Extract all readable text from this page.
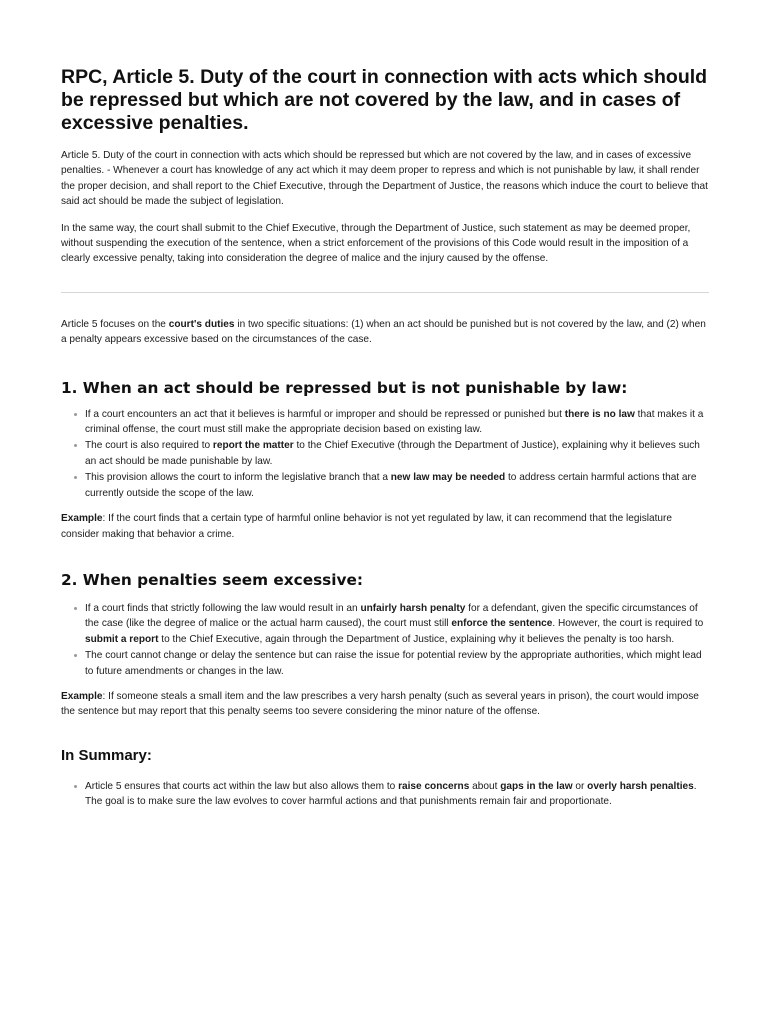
RPC, Article 5. Duty of the court in connection with acts which should be repressed but which are not covered by the law, and in cases of excessive penalties.

Article 5. Duty of the court in connection with acts which should be repressed but which are not covered by the law, and in cases of excessive penalties. - Whenever a court has knowledge of any act which it may deem proper to repress and which is not punishable by law, it shall render the proper decision, and shall report to the Chief Executive, through the Department of Justice, the reasons which induce the court to believe that said act should be made the subject of legislation.

In the same way, the court shall submit to the Chief Executive, through the Department of Justice, such statement as may be deemed proper, without suspending the execution of the sentence, when a strict enforcement of the provisions of this Code would result in the imposition of a clearly excessive penalty, taking into consideration the degree of malice and the injury caused by the offense.

Article 5 focuses on the court's duties in two specific situations: (1) when an act should be punished but is not covered by the law, and (2) when a penalty appears excessive based on the circumstances of the case.

1. When an act should be repressed but is not punishable by law:
If a court encounters an act that it believes is harmful or improper and should be repressed or punished but there is no law that makes it a criminal offense, the court must still make the appropriate decision based on existing law.
The court is also required to report the matter to the Chief Executive (through the Department of Justice), explaining why it believes such an act should be made punishable by law.
This provision allows the court to inform the legislative branch that a new law may be needed to address certain harmful actions that are currently outside the scope of the law.

Example: If the court finds that a certain type of harmful online behavior is not yet regulated by law, it can recommend that the legislature consider making that behavior a crime.

2. When penalties seem excessive:
If a court finds that strictly following the law would result in an unfairly harsh penalty for a defendant, given the specific circumstances of the case (like the degree of malice or the actual harm caused), the court must still enforce the sentence. However, the court is required to submit a report to the Chief Executive, again through the Department of Justice, explaining why it believes the penalty is too harsh.
The court cannot change or delay the sentence but can raise the issue for potential review by the appropriate authorities, which might lead to future amendments or changes in the law.

Example: If someone steals a small item and the law prescribes a very harsh penalty (such as several years in prison), the court would impose the sentence but may report that this penalty seems too severe considering the minor nature of the offense.

In Summary:
Article 5 ensures that courts act within the law but also allows them to raise concerns about gaps in the law or overly harsh penalties. The goal is to make sure the law evolves to cover harmful actions and that punishments remain fair and proportionate.
